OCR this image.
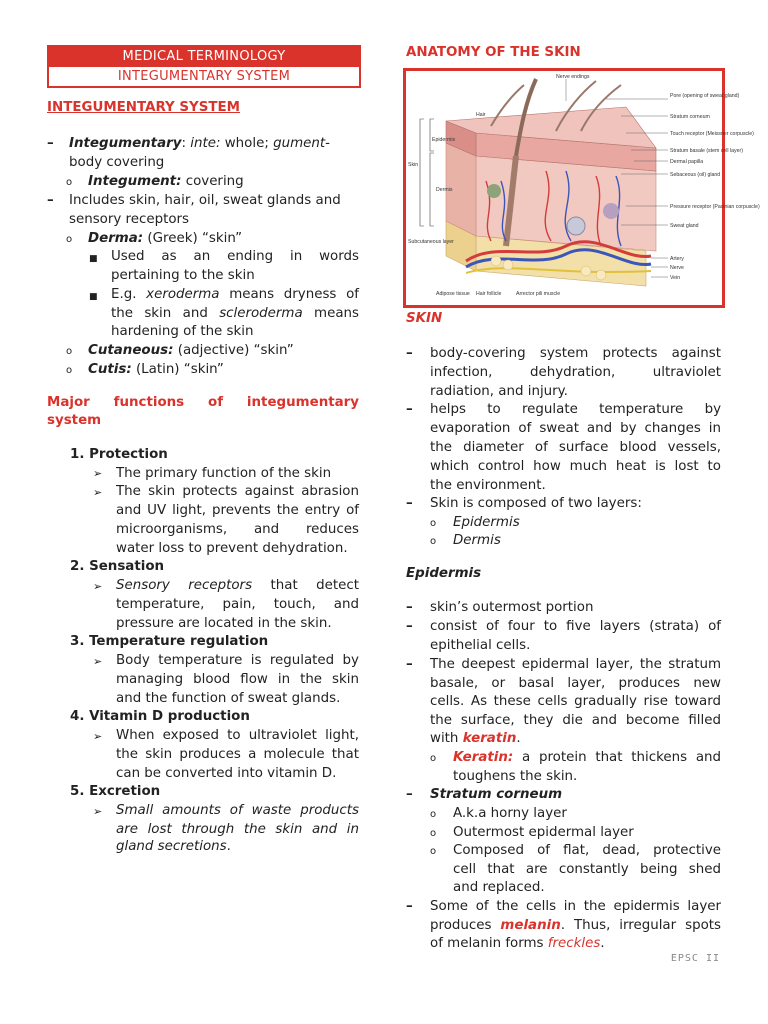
MEDICAL TERMINOLOGY
INTEGUMENTARY SYSTEM
INTEGUMENTARY SYSTEM
– Integumentary: inte: whole; gument-
body covering
o Integument: covering
– Includes skin, hair, oil, sweat glands and
sensory receptors
o Derma: (Greek) “skin”
■ Used as an ending in words
pertaining to the skin
■ E.g. xeroderma means dryness of
the skin and scleroderma means
hardening of the skin
o Cutaneous: (adjective) “skin”
o Cutis: (Latin) “skin”
Major functions of integumentary
system
1. Protection
➢ The primary function of the skin
➢ The skin protects against abrasion
and UV light, prevents the entry of
microorganisms, and reduces
water loss to prevent dehydration.
2. Sensation
➢ Sensory receptors that detect
temperature, pain, touch, and
pressure are located in the skin.
3. Temperature regulation
➢ Body temperature is regulated by
managing blood flow in the skin
and the function of sweat glands.
4. Vitamin D production
➢ When exposed to ultraviolet light,
the skin produces a molecule that
can be converted into vitamin D.
5. Excretion
➢ Small amounts of waste products
are lost through the skin and in
gland secretions.
ANATOMY OF THE SKIN
Nerve endings
Pore (opening of sweat gland)
Hair	Stratum corneum
Touch receptor (Meissner corpuscle)
Epidermis
Skin
Stratum basale (stem cell layer)
Dermal papilla
Sebaceous (oil) gland
Dermis
Pressure receptor (Pacinian corpuscle)
Sweat gland
Subcutaneous layer
Artery
Nerve
Vein
Adipose tissue Hair follicle	Arrector pili muscle
SKIN
– body-covering system protects against
infection, dehydration, ultraviolet
radiation, and injury.
– helps to regulate temperature by
evaporation of sweat and by changes in
the diameter of surface blood vessels,
which control how much heat is lost to
the environment.
– Skin is composed of two layers:
o Epidermis
o Dermis
Epidermis
– skin’s outermost portion
– consist of four to five layers (strata) of
epithelial cells.
– The deepest epidermal layer, the stratum
basale, or basal layer, produces new
cells. As these cells gradually rise toward
the surface, they die and become filled
with keratin.
o Keratin: a protein that thickens and
toughens the skin.
– Stratum corneum
o A.k.a horny layer
o Outermost epidermal layer
o Composed of flat, dead, protective
cell that are constantly being shed
and replaced.
– Some of the cells in the epidermis layer
produces melanin. Thus, irregular spots
of melanin forms freckles.
EPSC II
